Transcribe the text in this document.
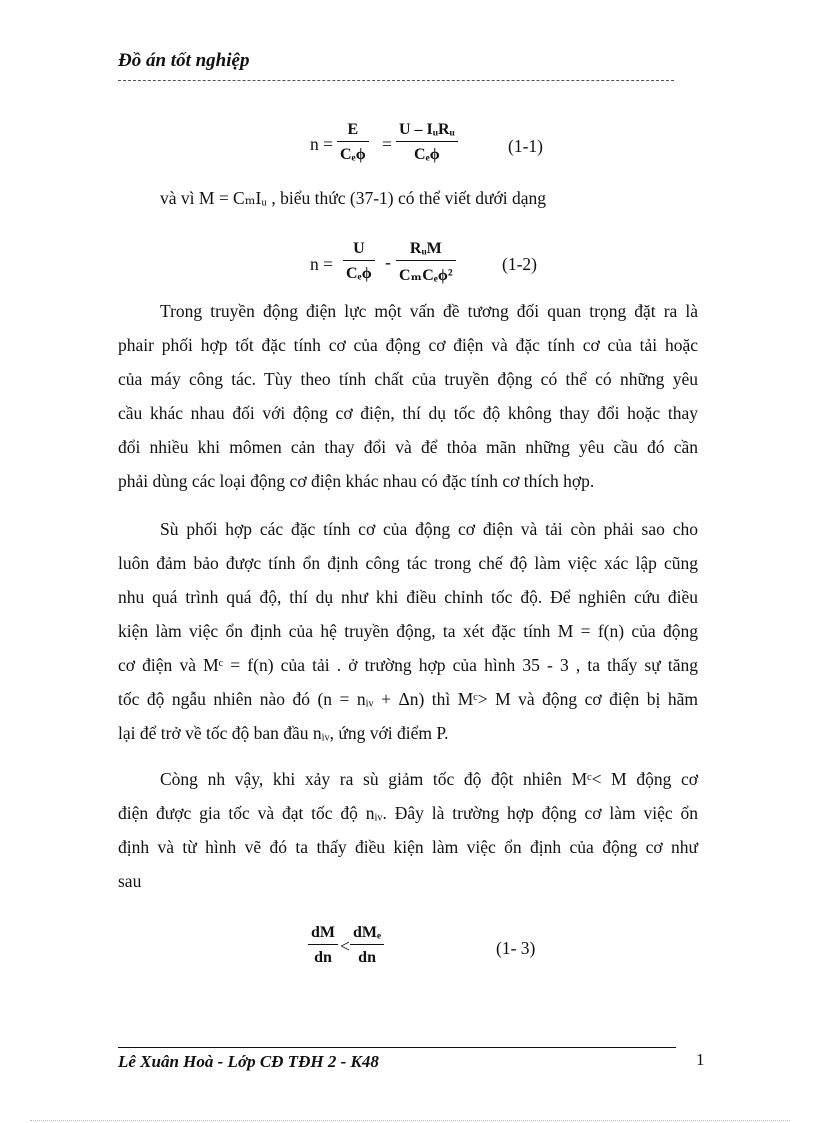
Đồ án tốt nghiệp
n =
E
Cₑϕ
=
U – IᵤRᵤ
Cₑϕ	(1-1)
và vì M = CₘIᵤ , biểu thức (37-1) có thể viết dưới dạng
n =
U
Cₑϕ
-
RᵤM
CₘCₑϕ²
(1-2)
Trong truyền động điện lực một vấn đề tương đối quan trọng đặt ra là
phair phối hợp tốt đặc tính cơ của động cơ điện và đặc tính cơ của tải hoặc
của máy công tác. Tùy theo tính chất của truyền động có thể có những yêu
cầu khác nhau đối với động cơ điện, thí dụ tốc độ không thay đổi hoặc thay
đổi nhiều khi mômen cản thay đổi và để thỏa mãn những yêu cầu đó cần
phải dùng các loại động cơ điện khác nhau có đặc tính cơ thích hợp.
Sù phối hợp các đặc tính cơ của động cơ điện và tải còn phải sao cho
luôn đảm bảo được tính ổn định công tác trong chế độ làm việc xác lập cũng
nhu quá trình quá độ, thí dụ như khi điều chỉnh tốc độ. Để nghiên cứu điều
kiện làm việc ổn định của hệ truyền động, ta xét đặc tính M = f(n) của động
cơ điện và Mᶜ = f(n) của tải . ở trường hợp của hình 35 - 3 , ta thấy sự tăng
tốc độ ngẫu nhiên nào đó (n = nᵢᵥ + Δn) thì Mᶜ> M và động cơ điện bị hãm
lại để trở về tốc độ ban đầu nᵢᵥ, ứng với điểm P.
Còng nh vậy, khi xảy ra sù giảm tốc độ đột nhiên Mᶜ< M động cơ
điện được gia tốc và đạt tốc độ nᵢᵥ. Đây là trường hợp động cơ làm việc ổn
định và từ hình vẽ đó ta thấy điều kiện làm việc ổn định của động cơ như
sau
dM
dn
<
dMₑ
dn	(1- 3)
Lê Xuân Hoà - Lớp CĐ TĐH 2 - K48	1
